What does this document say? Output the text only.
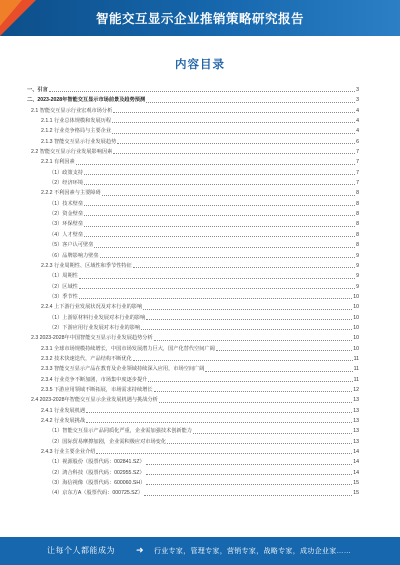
智能交互显示企业推销策略研究报告
内容目录
一、引言	3
二、2023-2028年智能交互显示市场前景及趋势预测	3
2.1 智能交互显示行业宏观市场分析	4
2.1.1 行业总体规模和发展历程	4
2.1.2 行业竞争格局与主要企业	4
2.1.3 智能交互显示行业发展趋势	6
2.2 智能交互显示行业发展影响因素	7
2.2.1 有利因素	7
（1）政策支持	7
（2）经济环境	7
2.2.2 不利因素与主要障碍	8
（1）技术壁垒	8
（2）资金壁垒	8
（3）环保壁垒	8
（4）人才壁垒	8
（5）客户认可壁垒	8
（6）品牌影响力壁垒	9
2.2.3 行业周期性、区域性和季节性特征	9
（1）周期性	9
（2）区域性	9
（3）季节性	10
2.2.4 上下游行业发展状况及对本行业的影响	10
（1）上游原材料行业发展对本行业的影响	10
（2）下游应用行业发展对本行业的影响	10
2.3 2023-2028年中国智能交互显示行业发展趋势分析	10
2.3.1 全球市场规模持续增长，中国市场发展潜力巨大，国产化替代空间广阔	10
2.3.2 技术快速迭代，产品结构不断优化	11
2.3.3 智能交互显示产品在教育及企业领域持续深入应用，市场空间广阔	11
2.3.4 行业竞争不断加剧，市场集中度逐步提升	11
2.3.5 下游应用领域不断拓展，市场需求持续增长	12
2.4 2023-2028年智能交互显示企业发展机遇与挑战分析	13
2.4.1 行业发展机遇	13
2.4.2 行业发展挑战	13
（1）智能交互显示产品同质化严重，企业需加强技术创新能力	13
（2）国际贸易摩擦加剧，企业需积极应对市场变化	13
2.4.3 行业主要企业介绍	14
（1）视源股份（股票代码：002841.SZ）	14
（2）鸿合科技（股票代码：002955.SZ）	14
（3）海信视像（股票代码：600060.SH）	15
（4）京东方A（股票代码：000725.SZ）	15
让每个人都能成为 ➜ 行业专家，管理专家，营销专家，战略专家，成功企业家……
